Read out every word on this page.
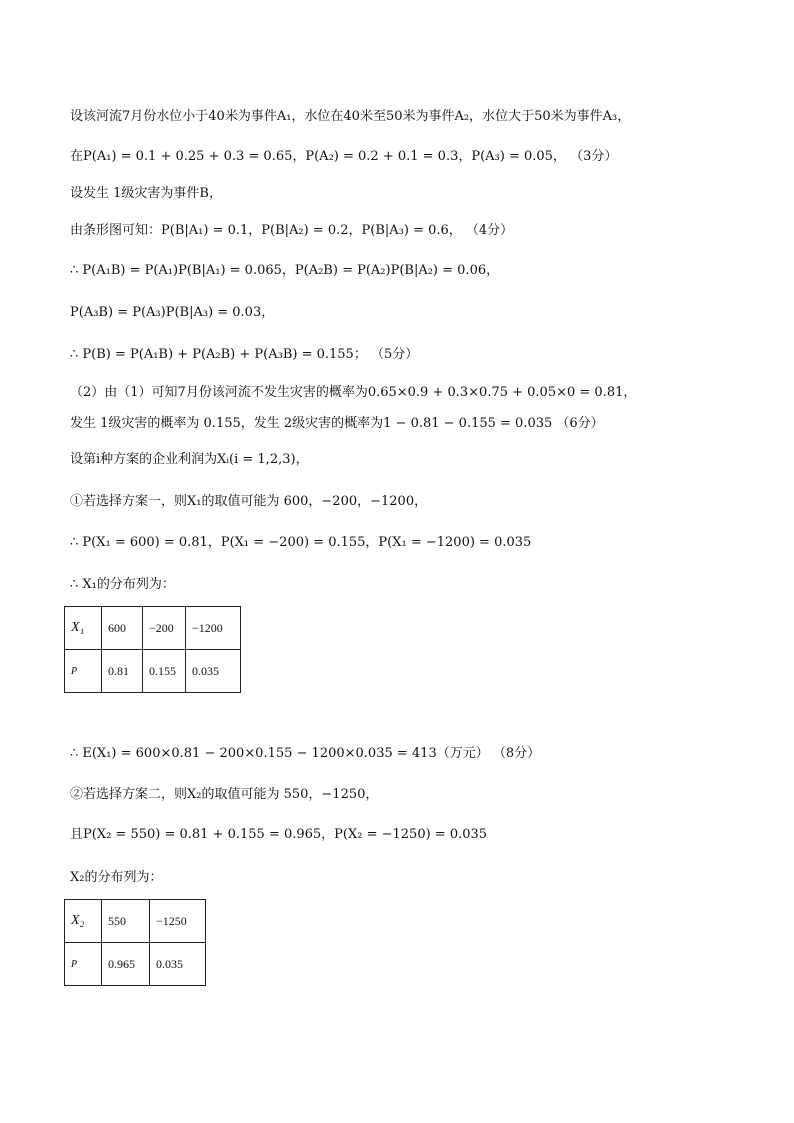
设该河流7月份水位小于40米为事件A₁，水位在40米至50米为事件A₂，水位大于50米为事件A₃，
在P(A₁) = 0.1 + 0.25 + 0.3 = 0.65，P(A₂) = 0.2 + 0.1 = 0.3，P(A₃) = 0.05， （3分）
设发生 1级灾害为事件B，
由条形图可知：P(B|A₁) = 0.1，P(B|A₂) = 0.2，P(B|A₃) = 0.6， （4分）
∴ P(A₁B) = P(A₁)P(B|A₁) = 0.065，P(A₂B) = P(A₂)P(B|A₂) = 0.06，
P(A₃B) = P(A₃)P(B|A₃) = 0.03，
∴ P(B) = P(A₁B) + P(A₂B) + P(A₃B) = 0.155； （5分）
（2）由（1）可知7月份该河流不发生灾害的概率为0.65×0.9 + 0.3×0.75 + 0.05×0 = 0.81，
发生 1级灾害的概率为 0.155，发生 2级灾害的概率为1 − 0.81 − 0.155 = 0.035 （6分）
设第i种方案的企业利润为Xᵢ(i = 1,2,3)，
①若选择方案一，则X₁的取值可能为 600，−200，−1200，
∴ P(X₁ = 600) = 0.81，P(X₁ = −200) = 0.155，P(X₁ = −1200) = 0.035
∴ X₁的分布列为：
X₁	600	−200	−1200
P	0.81	0.155	0.035
∴ E(X₁) = 600×0.81 − 200×0.155 − 1200×0.035 = 413（万元） （8分）
②若选择方案二，则X₂的取值可能为 550，−1250，
且P(X₂ = 550) = 0.81 + 0.155 = 0.965，P(X₂ = −1250) = 0.035
X₂的分布列为：
X₂	550	−1250
P	0.965	0.035
